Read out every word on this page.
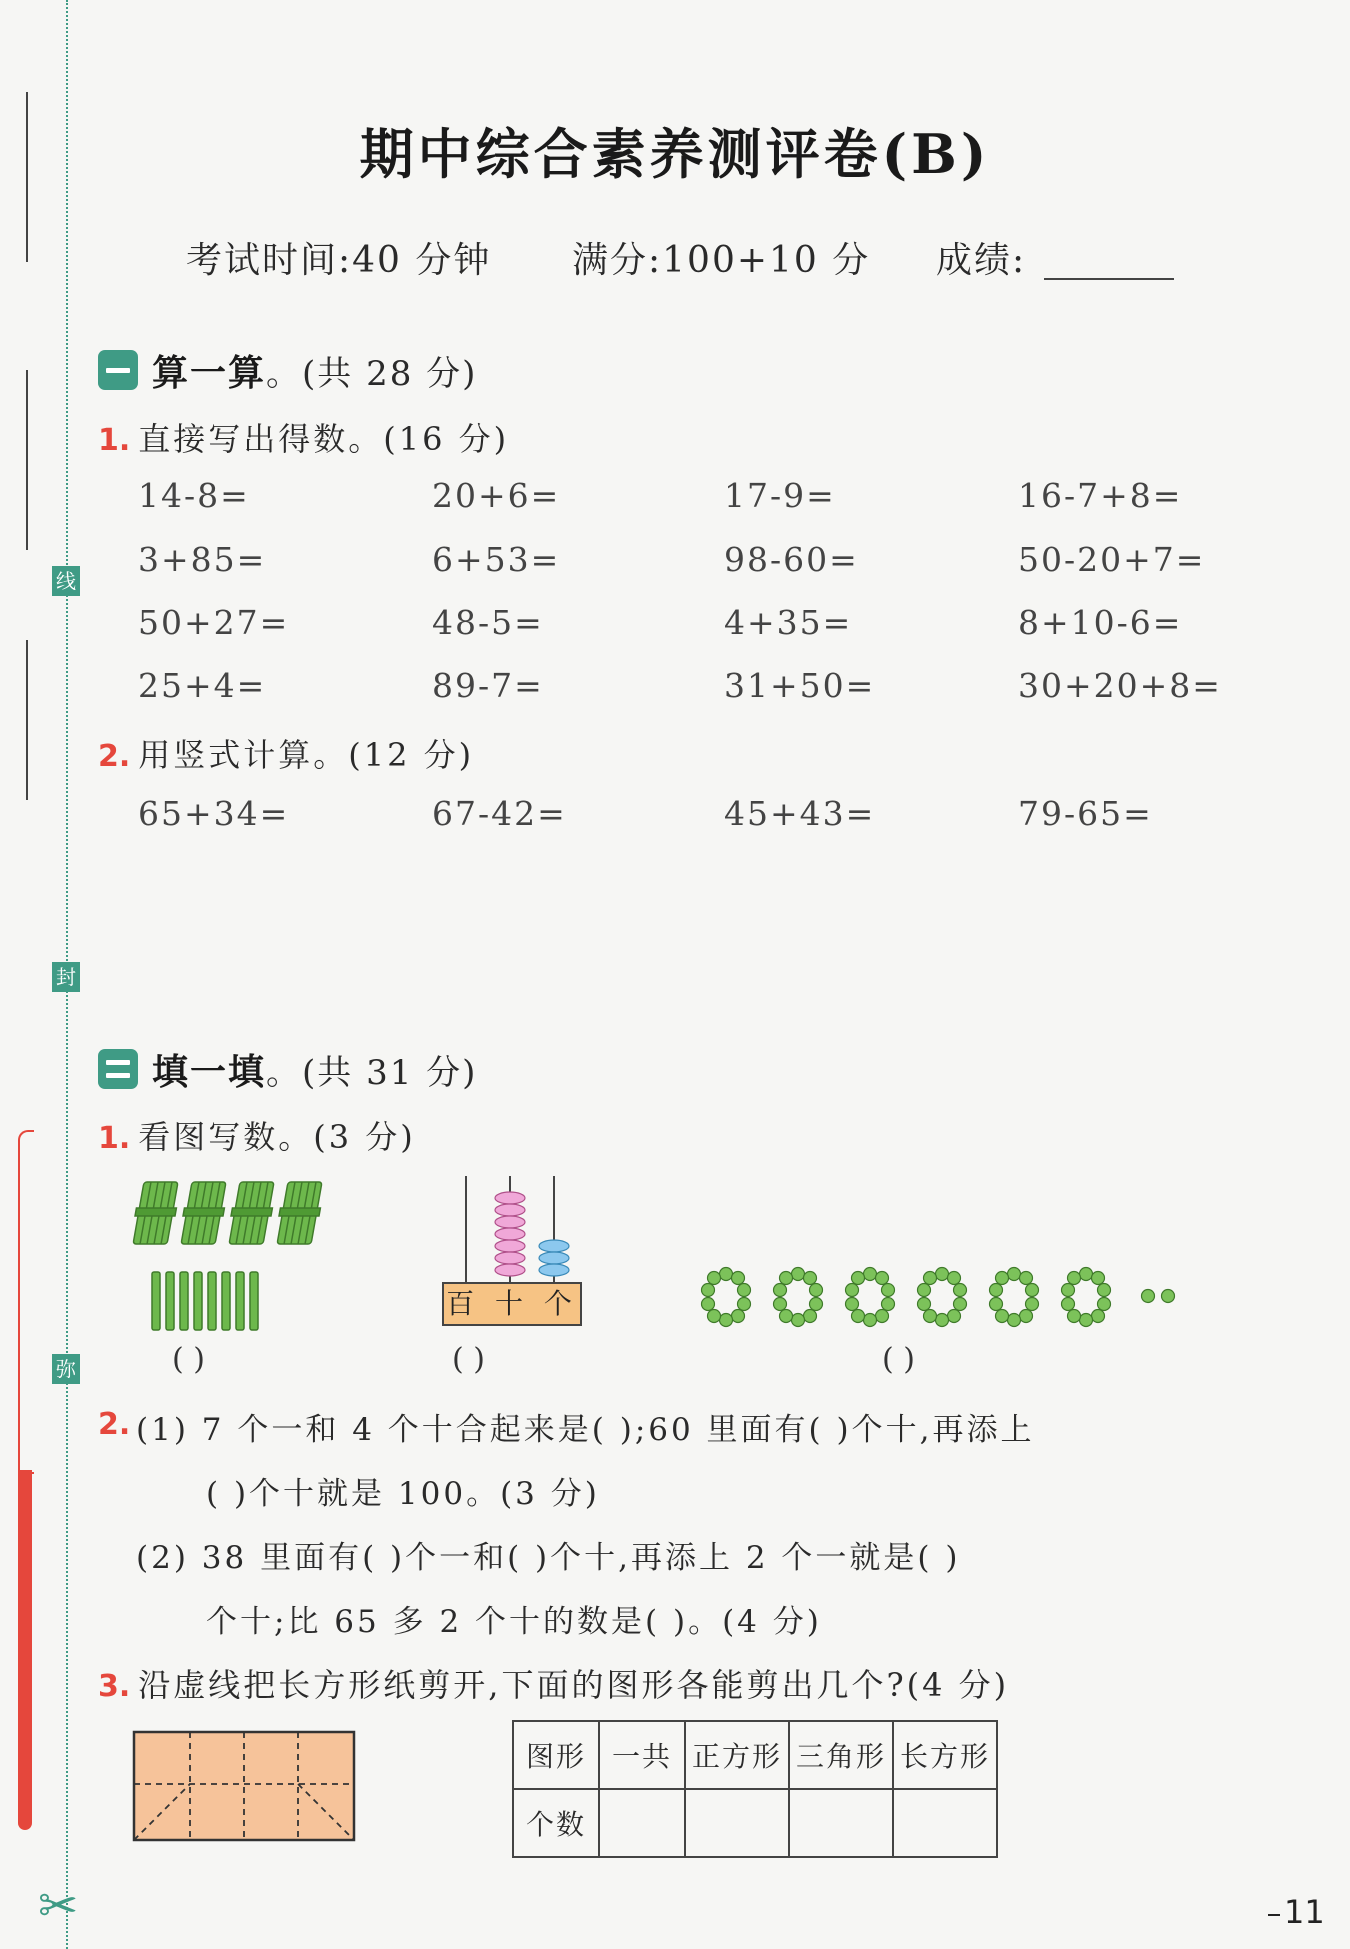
线
封
弥
✂
期中综合素养测评卷(B)
考试时间:40 分钟 满分:100+10 分 成绩:
算一算 。(共 28 分)
1. 直接写出得数。(16 分)
14-8=	20+6=	17-9=	16-7+8=
3+85=	6+53=	98-60=	50-20+7=
50+27=	48-5=	4+35=	8+10-6=
25+4=	89-7=	31+50=	30+20+8=
2. 用竖式计算。(12 分)
65+34=	67-42=	45+43=	79-65=
填一填 。(共 31 分)
1. 看图写数。(3 分)
百 十 个
( )	( )	( )
2. (1) 7 个一和 4 个十合起来是( );60 里面有( )个十,再添上
( )个十就是 100。(3 分)
(2) 38 里面有( )个一和( )个十,再添上 2 个一就是( )
个十;比 65 多 2 个十的数是( )。(4 分)
3. 沿虚线把长方形纸剪开,下面的图形各能剪出几个?(4 分)
图形	一共	正方形	三角形	长方形
个数				
11
